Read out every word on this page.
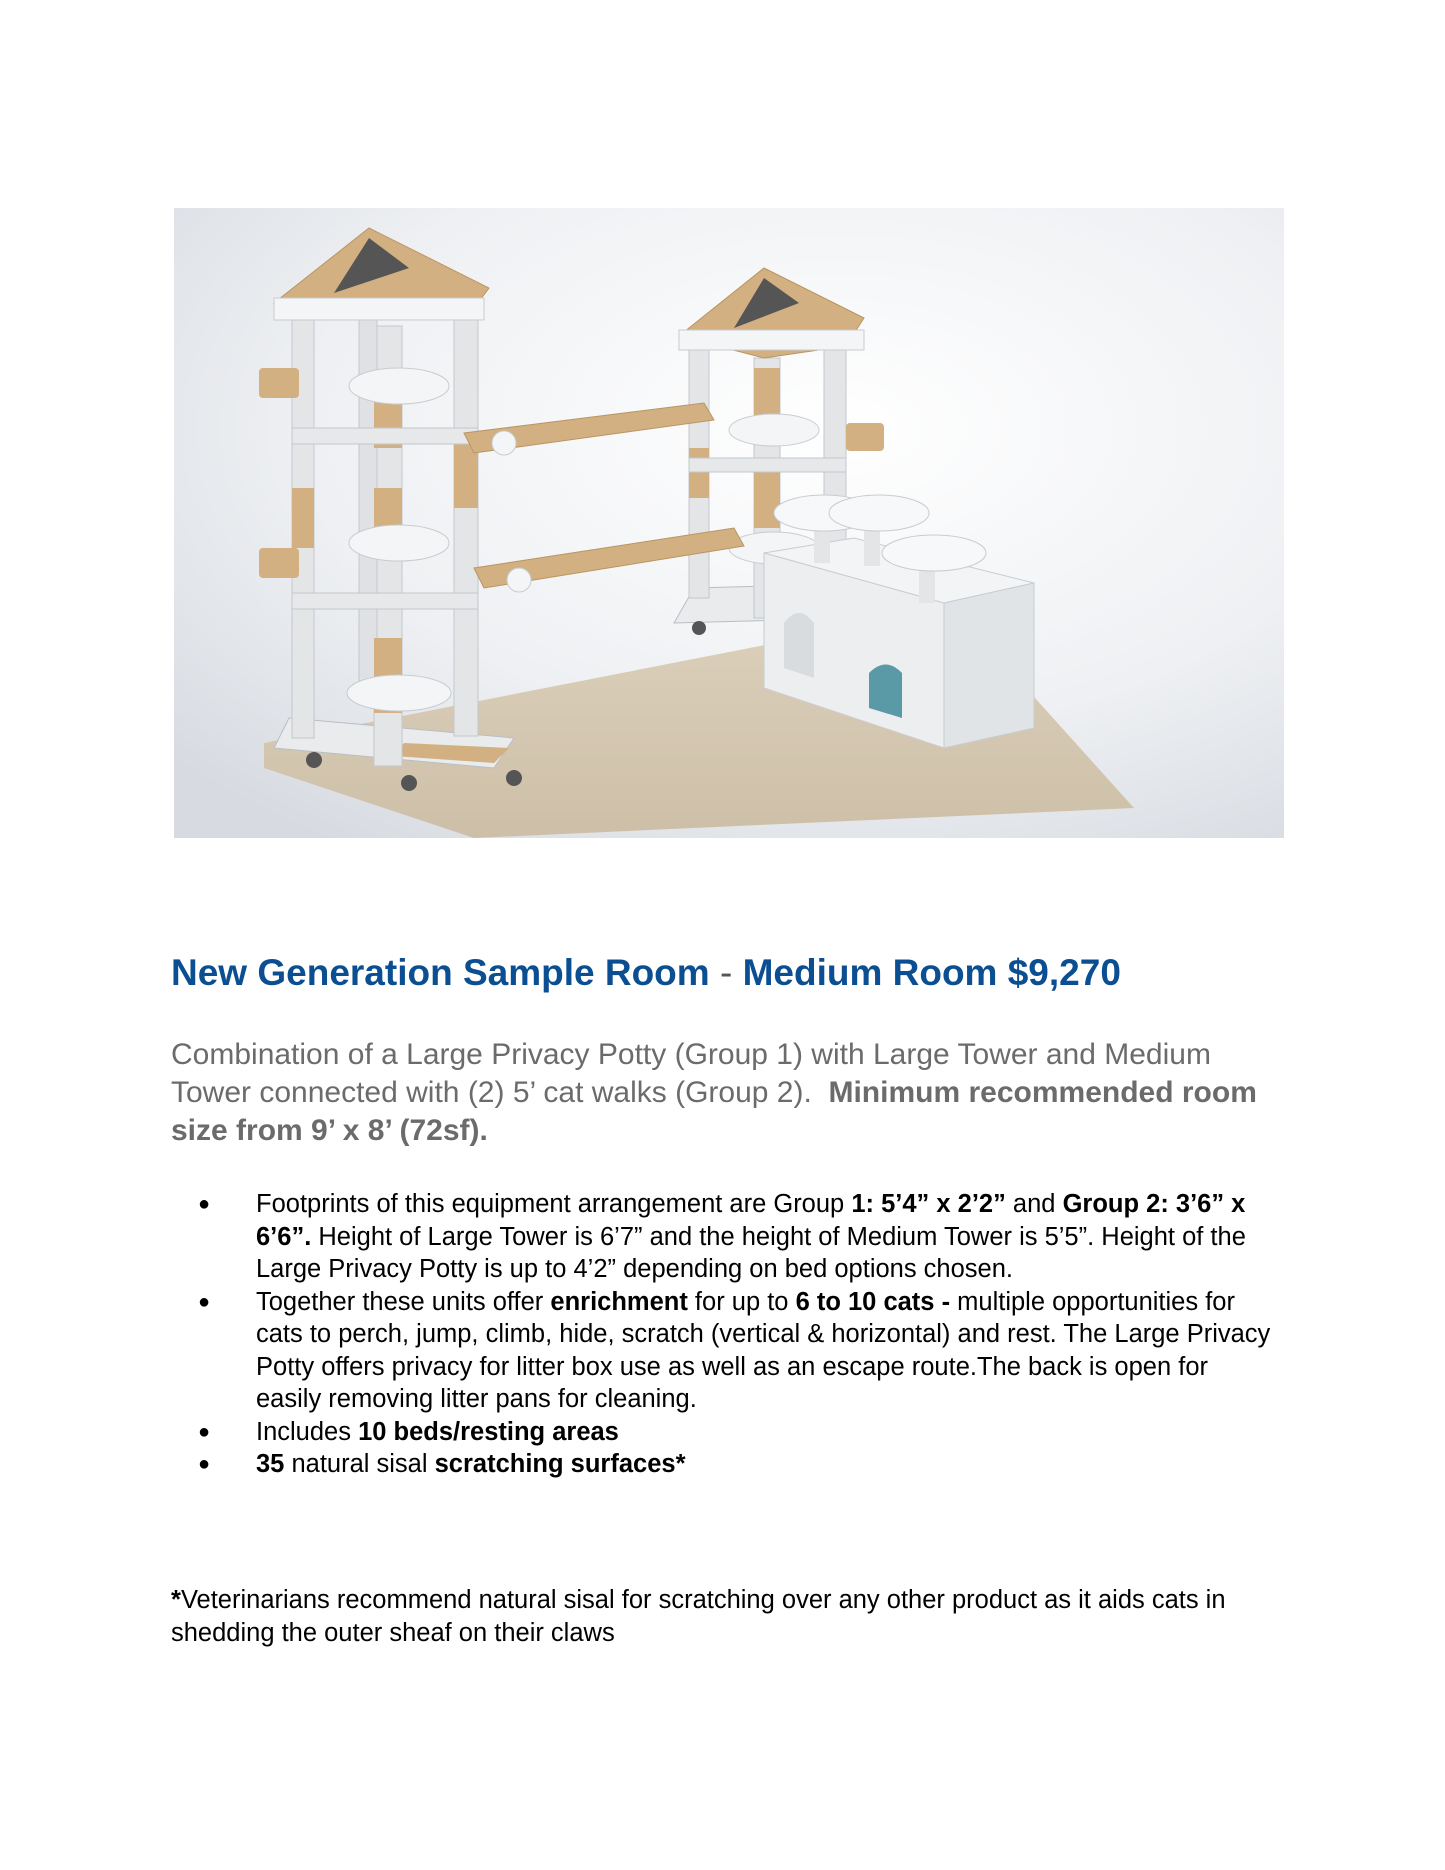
New Generation Sample Room - Medium Room $9,270
Combination of a Large Privacy Potty (Group 1) with Large Tower and Medium Tower connected with (2) 5’ cat walks (Group 2). Minimum recommended room size from 9’ x 8’ (72sf).
● Footprints of this equipment arrangement are Group 1: 5’4” x 2’2” and Group 2: 3’6” x 6’6”. Height of Large Tower is 6’7” and the height of Medium Tower is 5’5”. Height of the Large Privacy Potty is up to 4’2” depending on bed options chosen.
● Together these units offer enrichment for up to 6 to 10 cats - multiple opportunities for cats to perch, jump, climb, hide, scratch (vertical & horizontal) and rest. The Large Privacy Potty offers privacy for litter box use as well as an escape route.The back is open for easily removing litter pans for cleaning.
● Includes 10 beds/resting areas
● 35 natural sisal scratching surfaces*
*Veterinarians recommend natural sisal for scratching over any other product as it aids cats in shedding the outer sheaf on their claws
